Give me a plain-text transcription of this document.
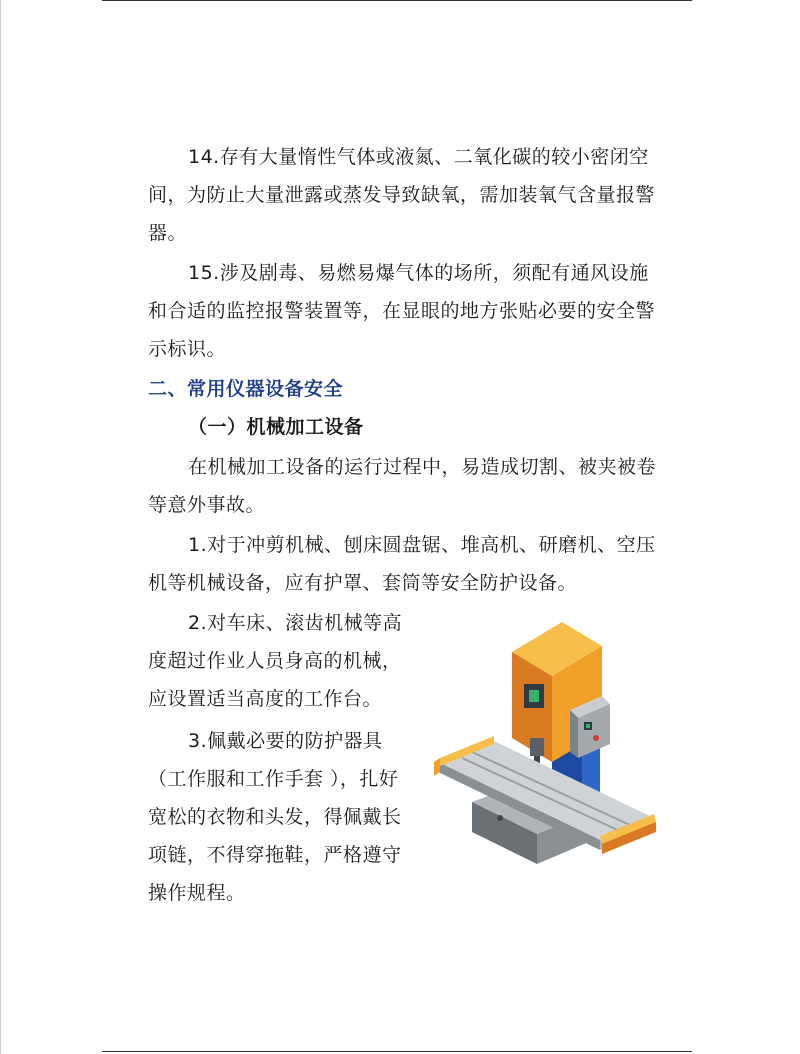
14.存有大量惰性气体或液氮、二氧化碳的较小密闭空间，为防止大量泄露或蒸发导致缺氧，需加装氧气含量报警器。

15.涉及剧毒、易燃易爆气体的场所，须配有通风设施和合适的监控报警装置等，在显眼的地方张贴必要的安全警示标识。

二、常用仪器设备安全
（一）机械加工设备

在机械加工设备的运行过程中，易造成切割、被夹被卷等意外事故。

1.对于冲剪机械、刨床圆盘锯、堆高机、研磨机、空压机等机械设备，应有护罩、套筒等安全防护设备。

2.对车床、滚齿机械等高度超过作业人员身高的机械，应设置适当高度的工作台。

3.佩戴必要的防护器具（工作服和工作手套 ），扎好宽松的衣物和头发，得佩戴长项链，不得穿拖鞋，严格遵守操作规程。
